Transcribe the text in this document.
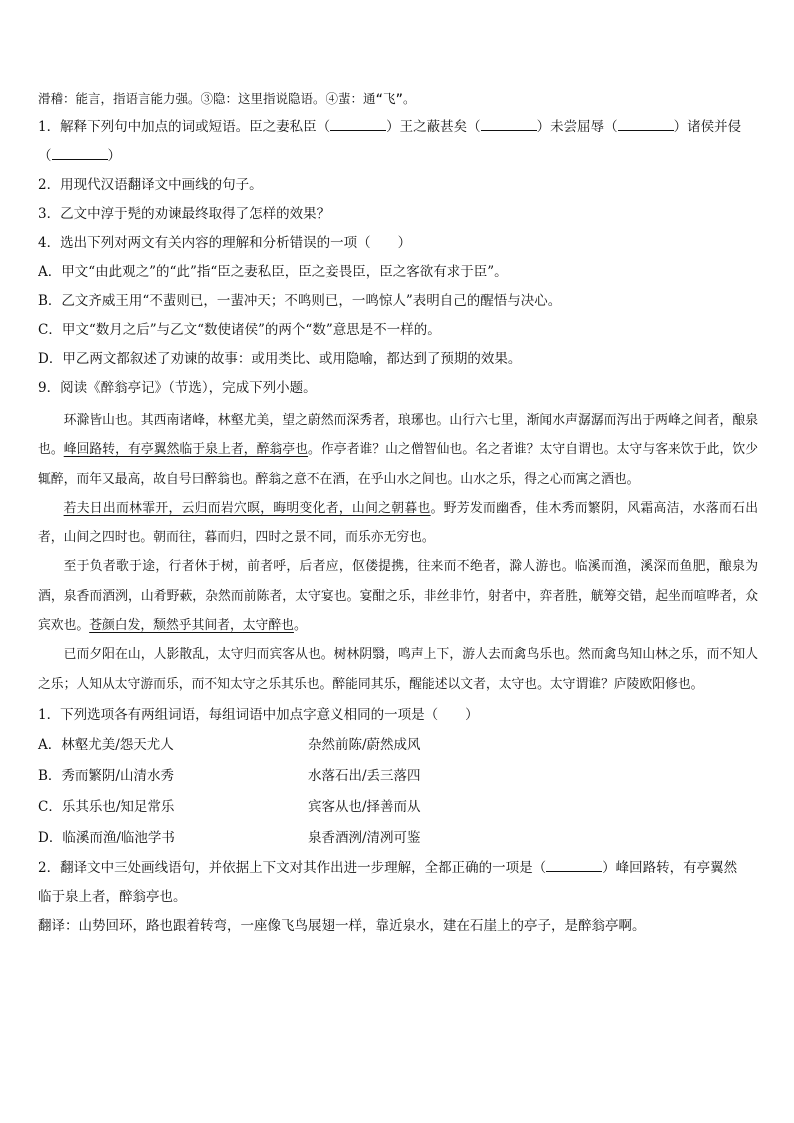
滑稽：能言，指语言能力强。③隐：这里指说隐语。④蜚：通“飞”。
1．解释下列句中加点的词或短语。臣之妻私臣（	）王之蔽甚矣（	）未尝屈辱（	）诸侯并侵
（	）
2．用现代汉语翻译文中画线的句子。
3．乙文中淳于髡的劝谏最终取得了怎样的效果？
4．选出下列对两文有关内容的理解和分析错误的一项（　　）
A．甲文“由此观之”的“此”指“臣之妻私臣，臣之妾畏臣，臣之客欲有求于臣”。
B．乙文齐威王用“不蜚则已，一蜚冲天；不鸣则已，一鸣惊人”表明自己的醒悟与决心。
C．甲文“数月之后”与乙文“数使诸侯”的两个“数”意思是不一样的。
D．甲乙两文都叙述了劝谏的故事：或用类比、或用隐喻，都达到了预期的效果。
9．阅读《醉翁亭记》（节选），完成下列小题。

环滁皆山也。其西南诸峰，林壑尤美，望之蔚然而深秀者，琅琊也。山行六七里，渐闻水声潺潺而泻出于两峰之间者，酿泉也。峰回路转，有亭翼然临于泉上者，醉翁亭也。作亭者谁？山之僧智仙也。名之者谁？太守自谓也。太守与客来饮于此，饮少辄醉，而年又最高，故自号曰醉翁也。醉翁之意不在酒，在乎山水之间也。山水之乐，得之心而寓之酒也。

若夫日出而林霏开，云归而岩穴暝，晦明变化者，山间之朝暮也。野芳发而幽香，佳木秀而繁阴，风霜高洁，水落而石出者，山间之四时也。朝而往，暮而归，四时之景不同，而乐亦无穷也。

至于负者歌于途，行者休于树，前者呼，后者应，伛偻提携，往来而不绝者，滁人游也。临溪而渔，溪深而鱼肥，酿泉为酒，泉香而酒洌，山肴野蔌，杂然而前陈者，太守宴也。宴酣之乐，非丝非竹，射者中，弈者胜，觥筹交错，起坐而喧哗者，众宾欢也。苍颜白发，颓然乎其间者，太守醉也。

已而夕阳在山，人影散乱，太守归而宾客从也。树林阴翳，鸣声上下，游人去而禽鸟乐也。然而禽鸟知山林之乐，而不知人之乐；人知从太守游而乐，而不知太守之乐其乐也。醉能同其乐，醒能述以文者，太守也。太守谓谁？庐陵欧阳修也。

1．下列选项各有两组词语，每组词语中加点字意义相同的一项是（　　）
A．林壑尤美/怨天尤人	杂然前陈/蔚然成风
B．秀而繁阴/山清水秀	水落石出/丢三落四
C．乐其乐也/知足常乐	宾客从也/择善而从
D．临溪而渔/临池学书	泉香酒洌/清冽可鉴
2．翻译文中三处画线语句，并依据上下文对其作出进一步理解，全都正确的一项是（	）峰回路转，有亭翼然
临于泉上者，醉翁亭也。
翻译：山势回环，路也跟着转弯，一座像飞鸟展翅一样，靠近泉水，建在石崖上的亭子，是醉翁亭啊。
